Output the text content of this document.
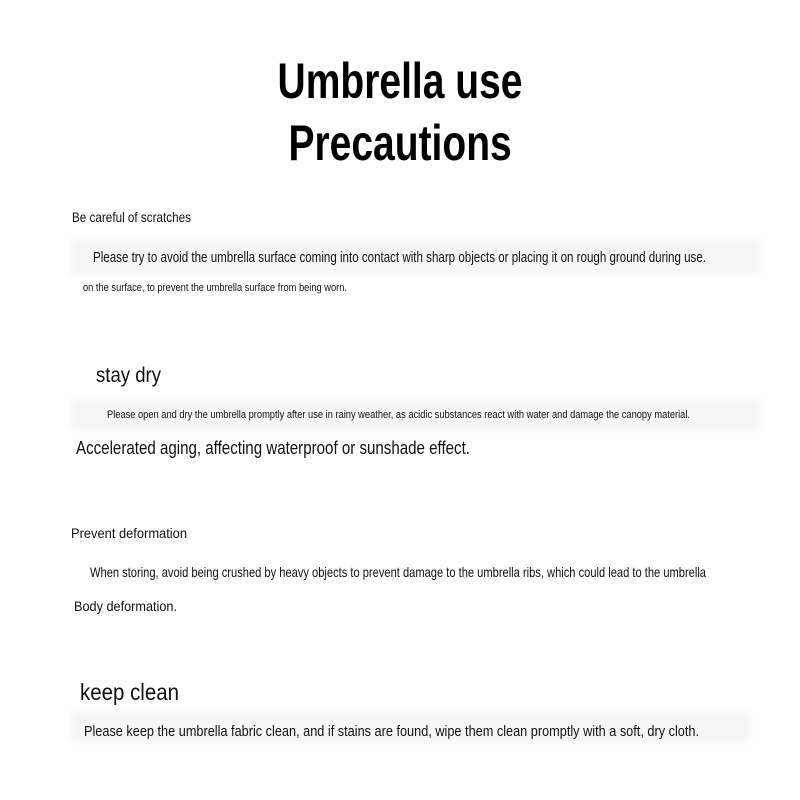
Umbrella use
Precautions
Be careful of scratches
Please try to avoid the umbrella surface coming into contact with sharp objects or placing it on rough ground during use.
on the surface, to prevent the umbrella surface from being worn.
stay dry
Please open and dry the umbrella promptly after use in rainy weather, as acidic substances react with water and damage the canopy material.
Accelerated aging, affecting waterproof or sunshade effect.
Prevent deformation
When storing, avoid being crushed by heavy objects to prevent damage to the umbrella ribs, which could lead to the umbrella
Body deformation.
keep clean
Please keep the umbrella fabric clean, and if stains are found, wipe them clean promptly with a soft, dry cloth.
